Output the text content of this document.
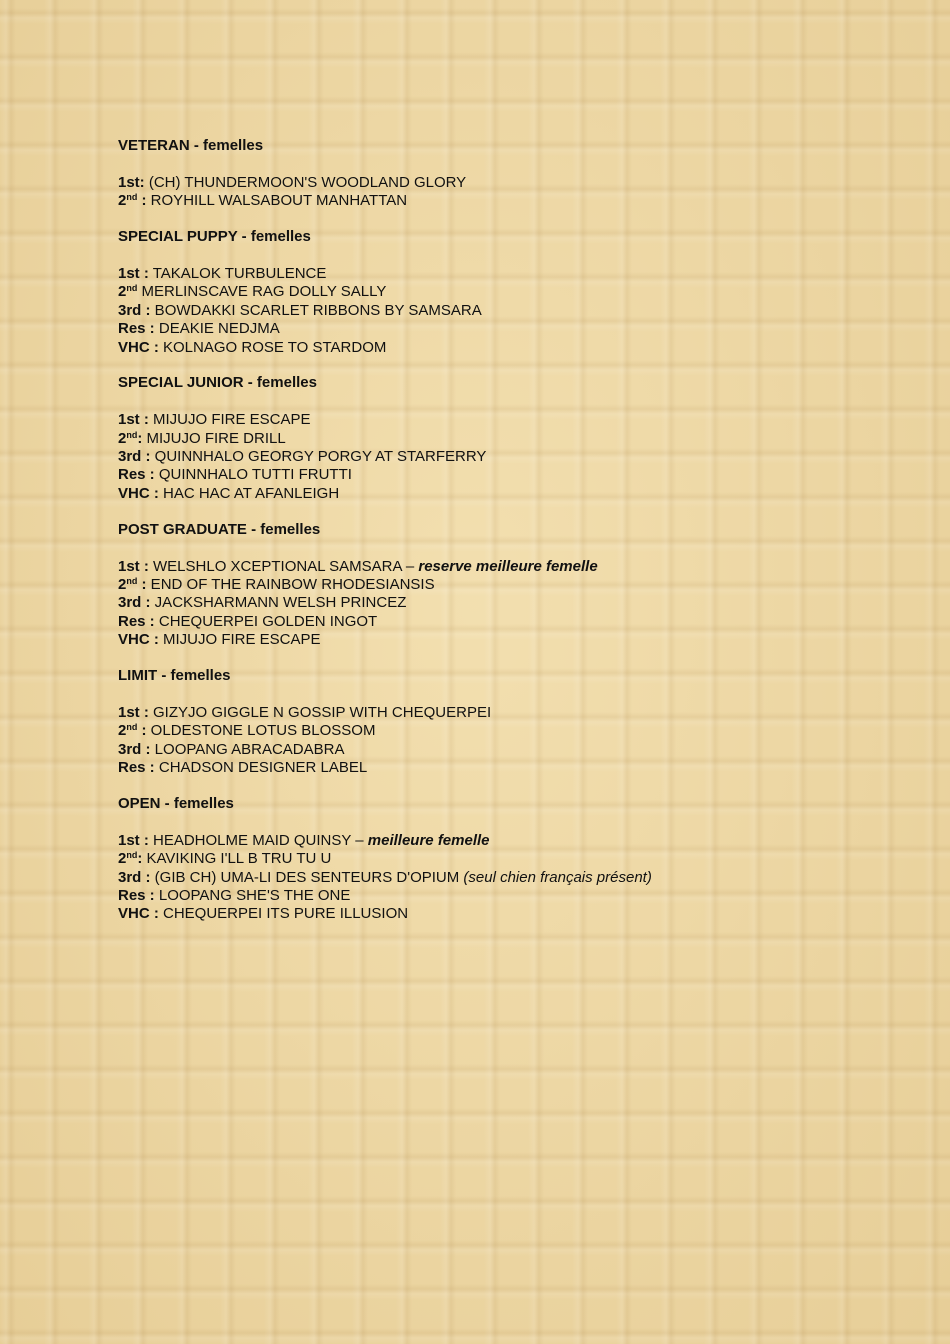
VETERAN - femelles
1st: (CH) THUNDERMOON'S WOODLAND GLORY
2nd : ROYHILL WALSABOUT MANHATTAN
SPECIAL PUPPY - femelles
1st : TAKALOK TURBULENCE
2nd MERLINSCAVE RAG DOLLY SALLY
3rd : BOWDAKKI SCARLET RIBBONS BY SAMSARA
Res : DEAKIE NEDJMA
VHC : KOLNAGO ROSE TO STARDOM
SPECIAL JUNIOR - femelles
1st : MIJUJO FIRE ESCAPE
2nd: MIJUJO FIRE DRILL
3rd : QUINNHALO GEORGY PORGY AT STARFERRY
Res : QUINNHALO TUTTI FRUTTI
VHC : HAC HAC AT AFANLEIGH
POST GRADUATE - femelles
1st : WELSHLO XCEPTIONAL SAMSARA – reserve meilleure femelle
2nd : END OF THE RAINBOW RHODESIANSIS
3rd : JACKSHARMANN WELSH PRINCEZ
Res : CHEQUERPEI GOLDEN INGOT
VHC : MIJUJO FIRE ESCAPE
LIMIT - femelles
1st : GIZYJO GIGGLE N GOSSIP WITH CHEQUERPEI
2nd : OLDESTONE LOTUS BLOSSOM
3rd : LOOPANG ABRACADABRA
Res : CHADSON DESIGNER LABEL
OPEN - femelles
1st : HEADHOLME MAID QUINSY – meilleure femelle
2nd: KAVIKING I'LL B TRU TU U
3rd : (GIB CH) UMA-LI DES SENTEURS D'OPIUM (seul chien français présent)
Res : LOOPANG SHE'S THE ONE
VHC : CHEQUERPEI ITS PURE ILLUSION
